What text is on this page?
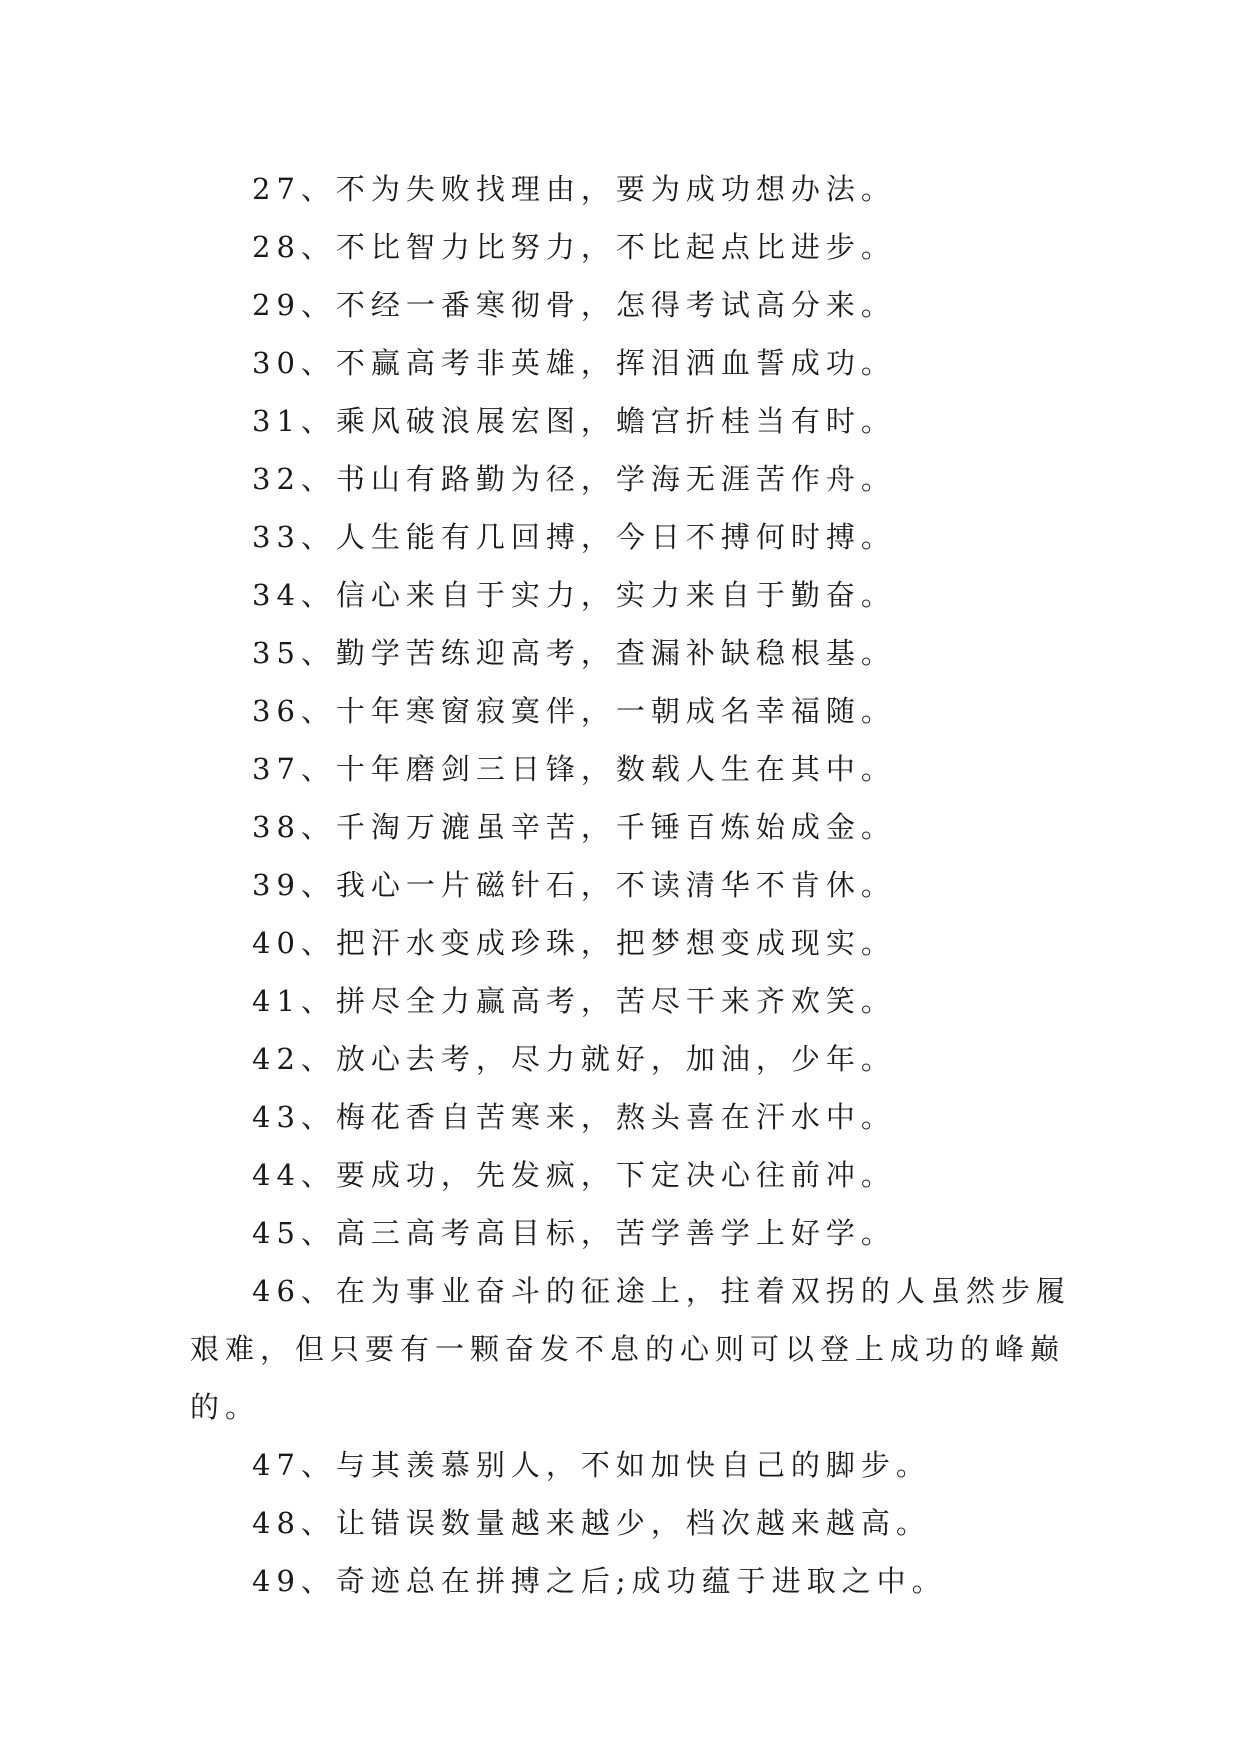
27、不为失败找理由，要为成功想办法。

28、不比智力比努力，不比起点比进步。

29、不经一番寒彻骨，怎得考试高分来。

30、不赢高考非英雄，挥泪洒血誓成功。

31、乘风破浪展宏图，蟾宫折桂当有时。

32、书山有路勤为径，学海无涯苦作舟。

33、人生能有几回搏，今日不搏何时搏。

34、信心来自于实力，实力来自于勤奋。

35、勤学苦练迎高考，查漏补缺稳根基。

36、十年寒窗寂寞伴，一朝成名幸福随。

37、十年磨剑三日锋，数载人生在其中。

38、千淘万漉虽辛苦，千锤百炼始成金。

39、我心一片磁针石，不读清华不肯休。

40、把汗水变成珍珠，把梦想变成现实。

41、拼尽全力赢高考，苦尽干来齐欢笑。

42、放心去考，尽力就好，加油，少年。

43、梅花香自苦寒来，熬头喜在汗水中。

44、要成功，先发疯，下定决心往前冲。

45、高三高考高目标，苦学善学上好学。

46、在为事业奋斗的征途上，拄着双拐的人虽然步履艰难，但只要有一颗奋发不息的心则可以登上成功的峰巅的。

47、与其羡慕别人，不如加快自己的脚步。

48、让错误数量越来越少，档次越来越高。

49、奇迹总在拼搏之后;成功蕴于进取之中。
